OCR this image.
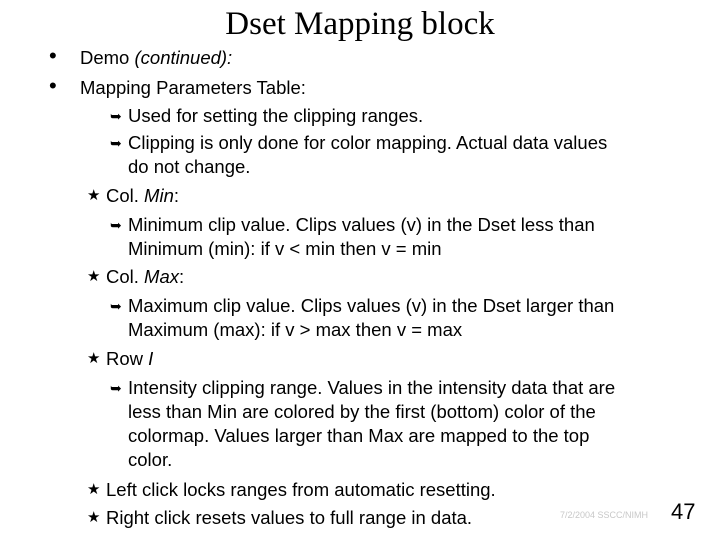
Dset Mapping block
• Demo (continued):
• Mapping Parameters Table:
➥ Used for setting the clipping ranges.
➥ Clipping is only done for color mapping. Actual data values
do not change.
★ Col. Min:
➥ Minimum clip value. Clips values (v) in the Dset less than
Minimum (min): if v < min then v = min
★ Col. Max:
➥ Maximum clip value. Clips values (v) in the Dset larger than
Maximum (max): if v > max then v = max
★ Row I
➥ Intensity clipping range. Values in the intensity data that are
less than Min are colored by the first (bottom) color of the
colormap. Values larger than Max are mapped to the top
color.
★ Left click locks ranges from automatic resetting.
★ Right click resets values to full range in data.	7/2/2004 SSCC/NIMH 47
